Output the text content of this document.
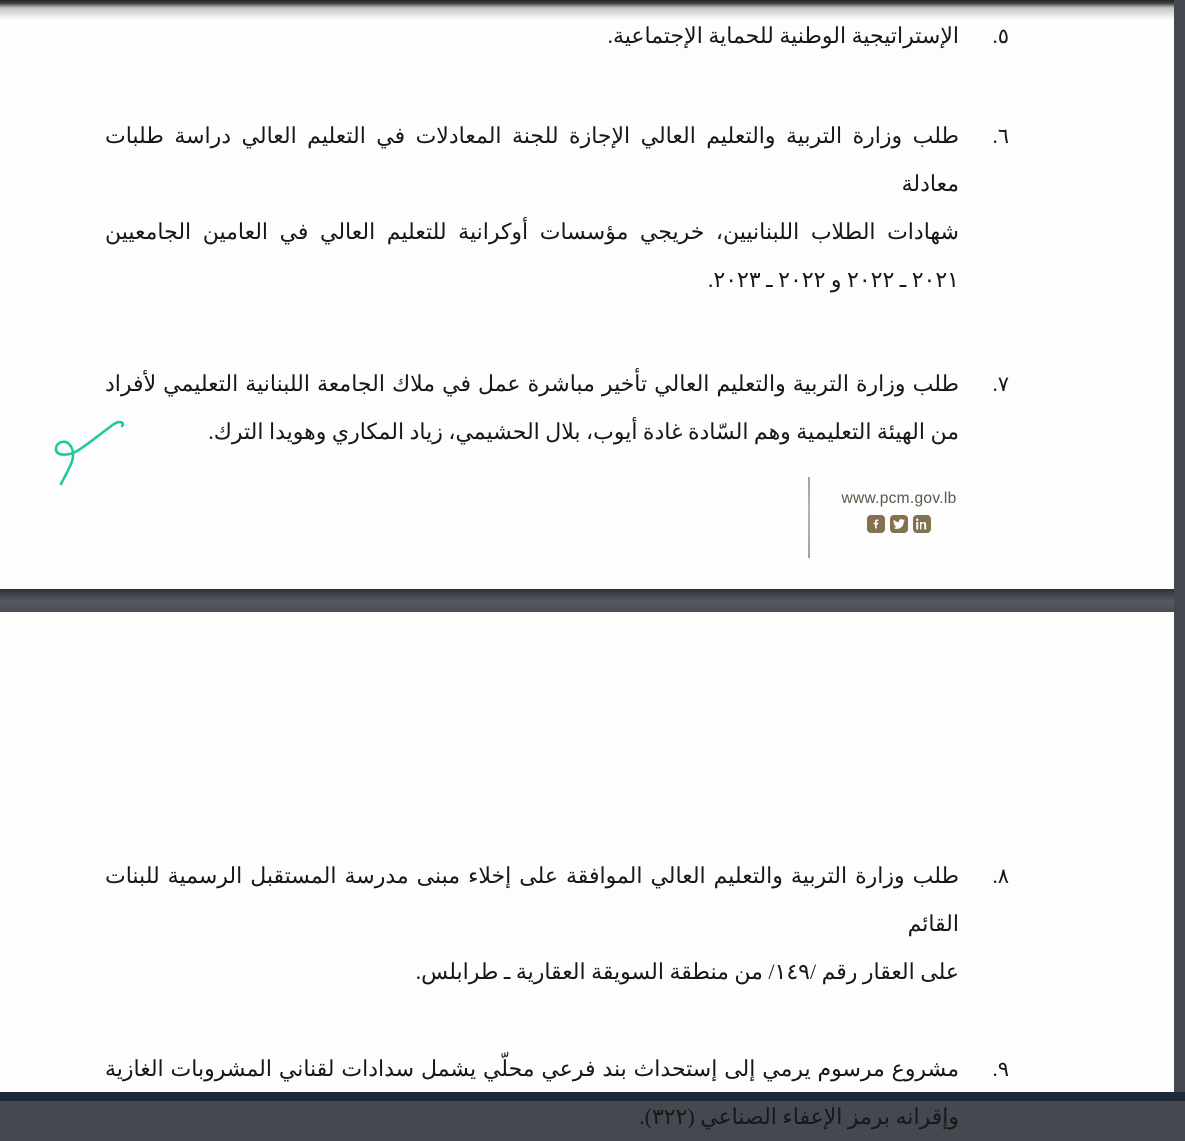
٥.
الإستراتيجية الوطنية للحماية الإجتماعية.
٦.
طلب وزارة التربية والتعليم العالي الإجازة للجنة المعادلات في التعليم العالي دراسة طلبات معادلة
شهادات الطلاب اللبنانيين، خريجي مؤسسات أوكرانية للتعليم العالي في العامين الجامعيين
٢٠٢١ ـ ٢٠٢٢ و ٢٠٢٢ ـ ٢٠٢٣.
٧.
طلب وزارة التربية والتعليم العالي تأخير مباشرة عمل في ملاك الجامعة اللبنانية التعليمي لأفراد
من الهيئة التعليمية وهم السّادة غادة أيوب، بلال الحشيمي، زياد المكاري وهويدا الترك.
www.pcm.gov.lb
٨.
طلب وزارة التربية والتعليم العالي الموافقة على إخلاء مبنى مدرسة المستقبل الرسمية للبنات القائم
على العقار رقم /١٤٩/ من منطقة السويقة العقارية ـ طرابلس.
٩.
مشروع مرسوم يرمي إلى إستحداث بند فرعي محلّي يشمل سدادات لقناني المشروبات الغازية
وإقرانه برمز الإعفاء الصناعي (٣٢٢).
